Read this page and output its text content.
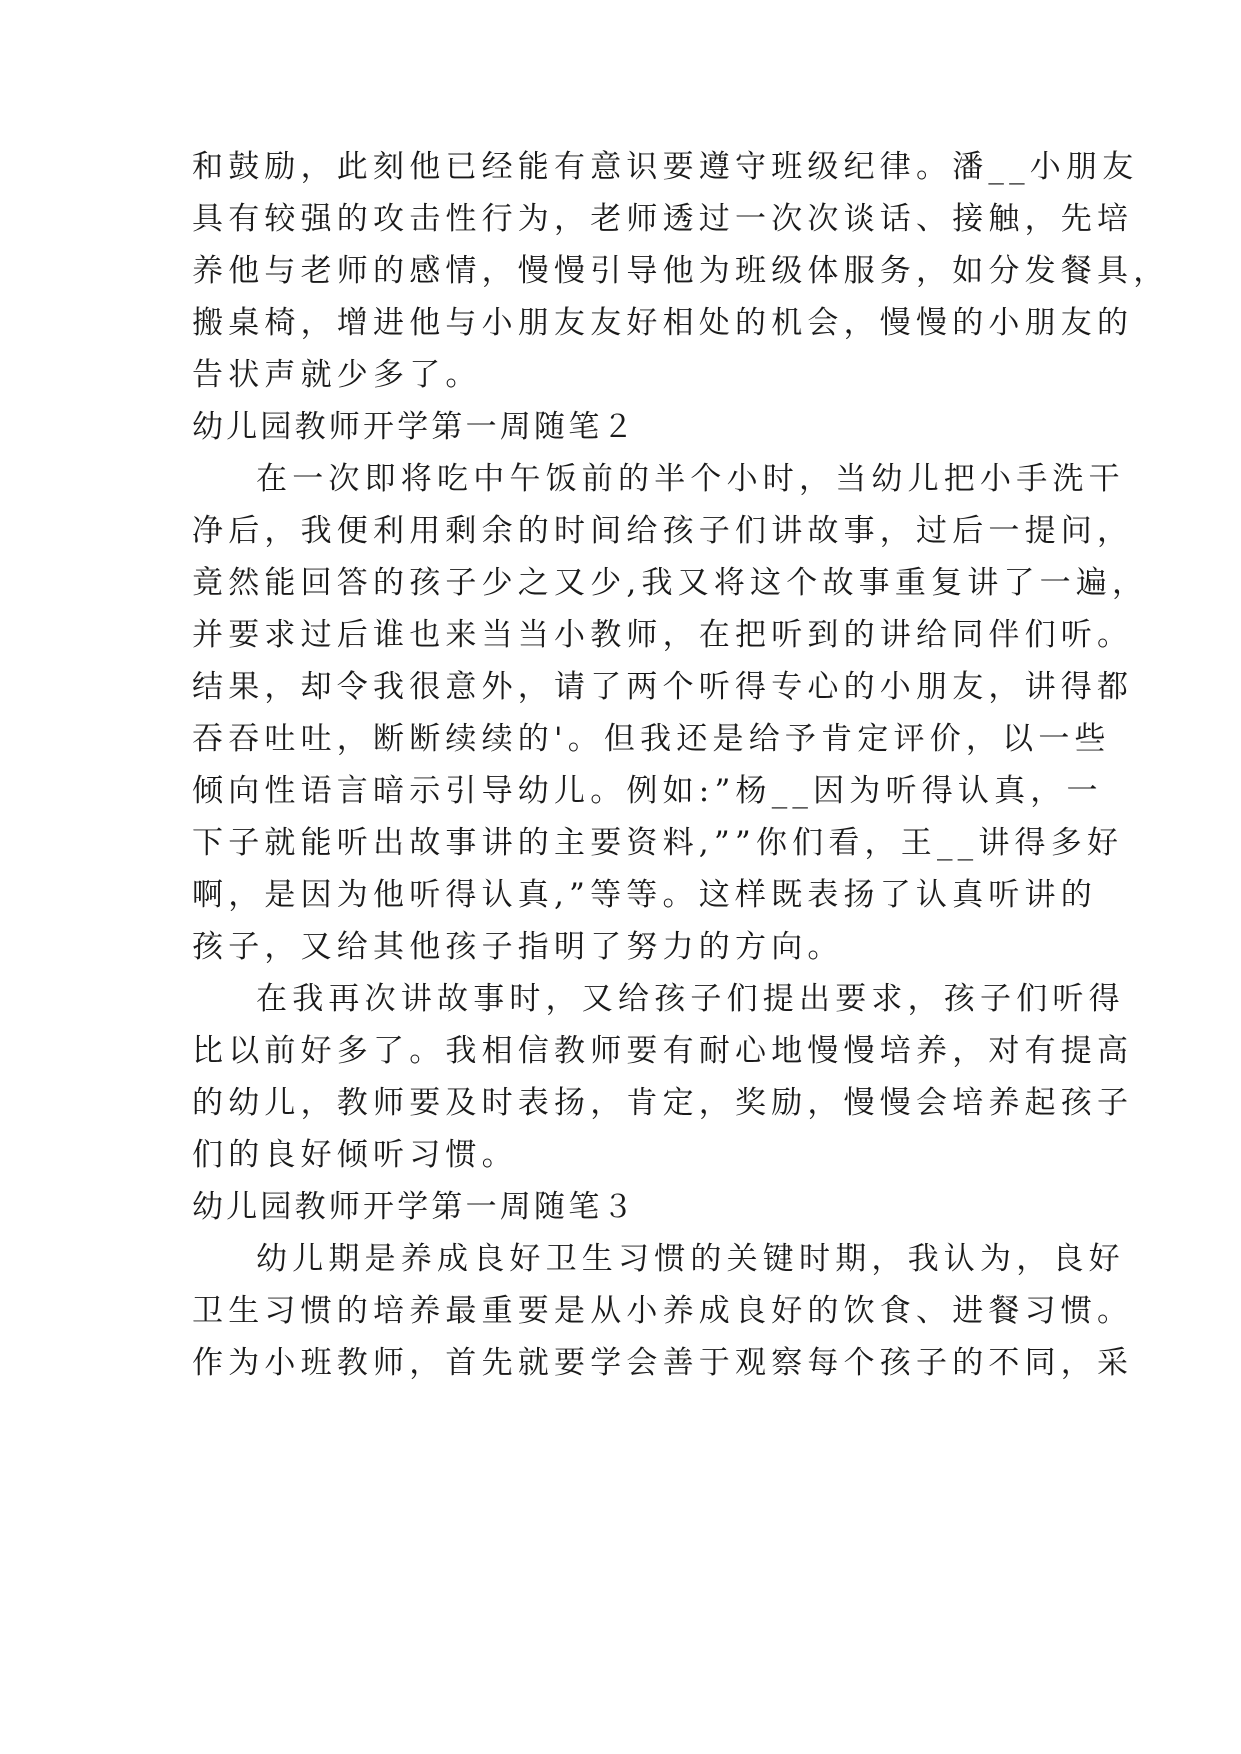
和鼓励，此刻他已经能有意识要遵守班级纪律。潘__小朋友
具有较强的攻击性行为，老师透过一次次谈话、接触，先培
养他与老师的感情，慢慢引导他为班级体服务，如分发餐具，
搬桌椅，增进他与小朋友友好相处的机会，慢慢的小朋友的
告状声就少多了。
幼儿园教师开学第一周随笔２
在一次即将吃中午饭前的半个小时，当幼儿把小手洗干
净后，我便利用剩余的时间给孩子们讲故事，过后一提问，
竟然能回答的孩子少之又少,我又将这个故事重复讲了一遍，
并要求过后谁也来当当小教师，在把听到的讲给同伴们听。
结果，却令我很意外，请了两个听得专心的小朋友，讲得都
吞吞吐吐，断断续续的'。但我还是给予肯定评价，以一些
倾向性语言暗示引导幼儿。例如:”杨__因为听得认真，一
下子就能听出故事讲的主要资料,””你们看，王__讲得多好
啊，是因为他听得认真,”等等。这样既表扬了认真听讲的
孩子，又给其他孩子指明了努力的方向。
在我再次讲故事时，又给孩子们提出要求，孩子们听得
比以前好多了。我相信教师要有耐心地慢慢培养，对有提高
的幼儿，教师要及时表扬，肯定，奖励，慢慢会培养起孩子
们的良好倾听习惯。
幼儿园教师开学第一周随笔３
幼儿期是养成良好卫生习惯的关键时期，我认为，良好
卫生习惯的培养最重要是从小养成良好的饮食、进餐习惯。
作为小班教师，首先就要学会善于观察每个孩子的不同，采
